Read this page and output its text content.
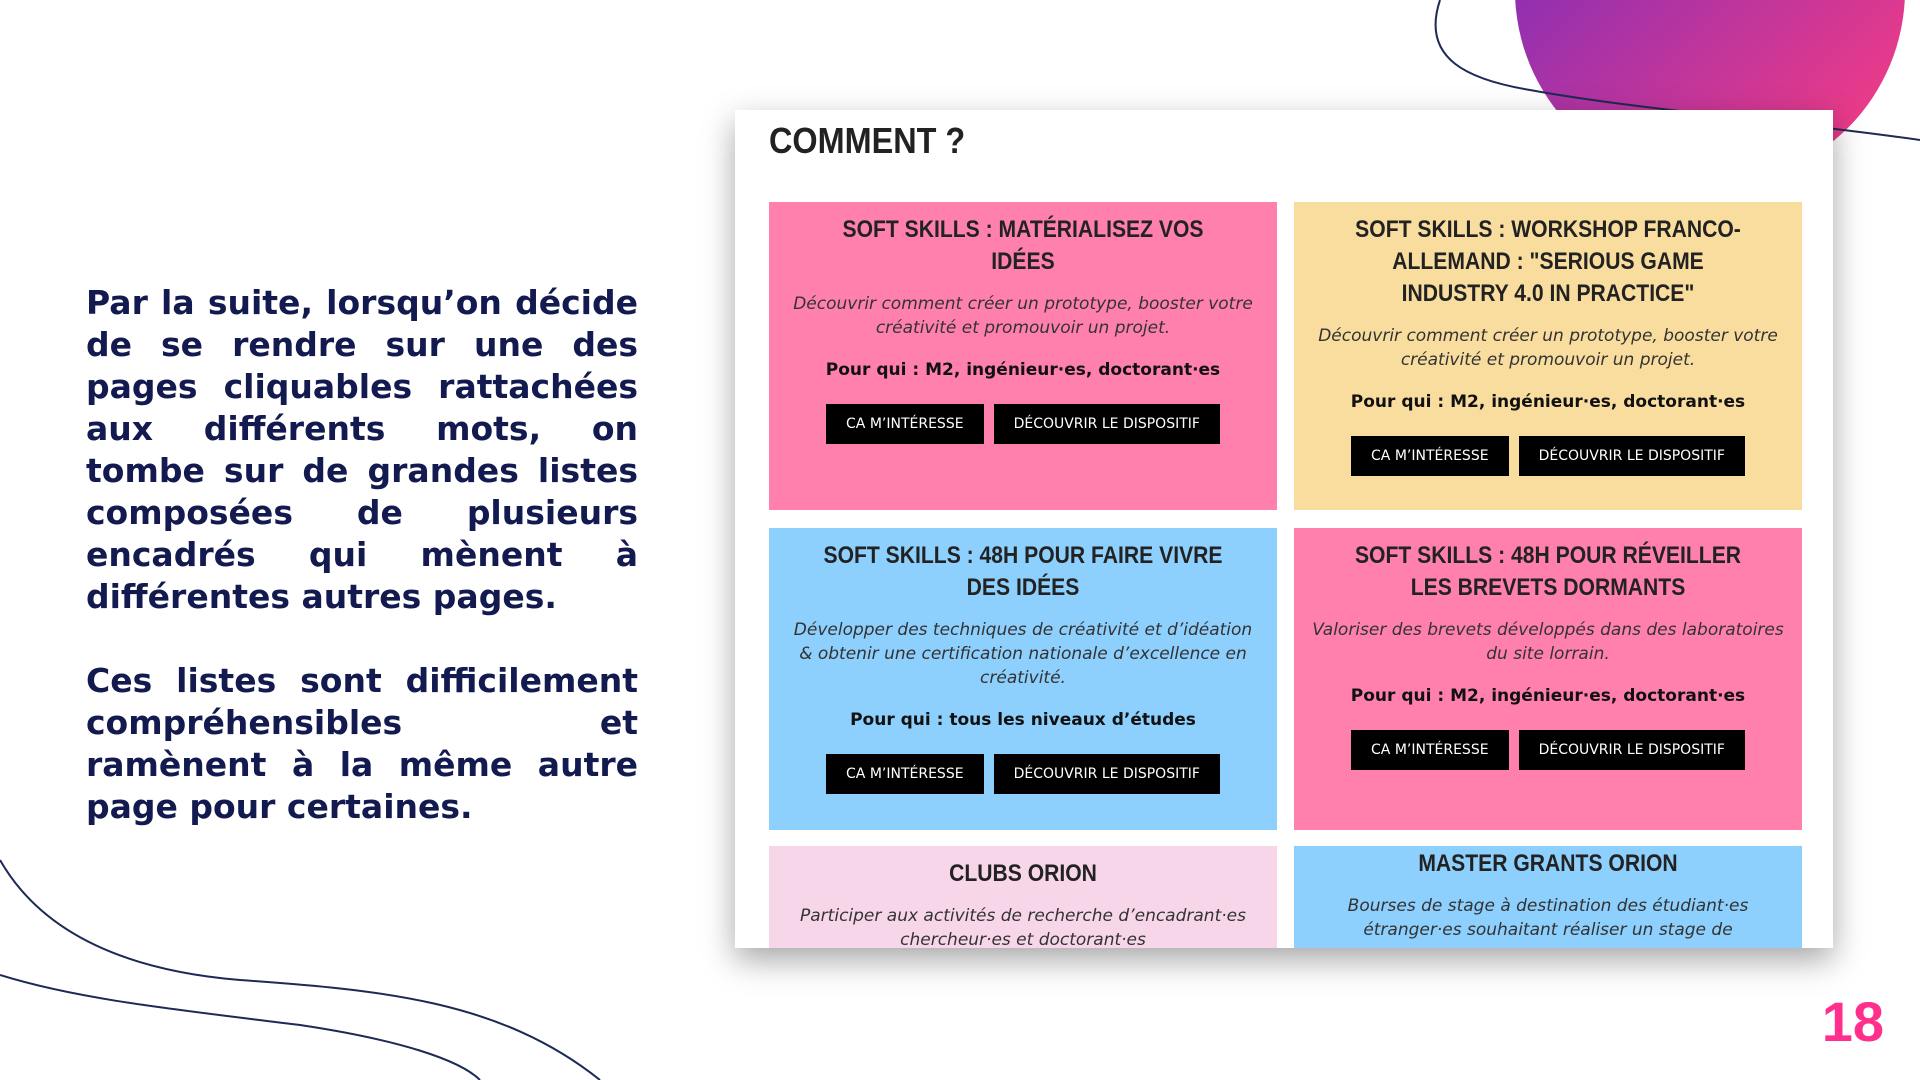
Par la suite, lorsqu’on décide de se rendre sur une des pages cliquables rattachées aux différents mots, on tombe sur de grandes listes composées de plusieurs encadrés qui mènent à différentes autres pages.

Ces listes sont difficilement compréhensibles et ramènent à la même autre page pour certaines.

18
COMMENT ?

SOFT SKILLS : MATÉRIALISEZ VOS IDÉES

Découvrir comment créer un prototype, booster votre créativité et promouvoir un projet.

Pour qui : M2, ingénieur·es, doctorant·es

CA M’INTÉRESSE	DÉCOUVRIR LE DISPOSITIF

SOFT SKILLS : WORKSHOP FRANCO-ALLEMAND : "SERIOUS GAME INDUSTRY 4.0 IN PRACTICE"

Découvrir comment créer un prototype, booster votre créativité et promouvoir un projet.

Pour qui : M2, ingénieur·es, doctorant·es

CA M’INTÉRESSE	DÉCOUVRIR LE DISPOSITIF

SOFT SKILLS : 48H POUR FAIRE VIVRE DES IDÉES

Développer des techniques de créativité et d’idéation & obtenir une certification nationale d’excellence en créativité.

Pour qui : tous les niveaux d’études

CA M’INTÉRESSE	DÉCOUVRIR LE DISPOSITIF

SOFT SKILLS : 48H POUR RÉVEILLER LES BREVETS DORMANTS

Valoriser des brevets développés dans des laboratoires du site lorrain.

Pour qui : M2, ingénieur·es, doctorant·es

CA M’INTÉRESSE	DÉCOUVRIR LE DISPOSITIF

CLUBS ORION

Participer aux activités de recherche d’encadrant·es chercheur·es et doctorant·es

MASTER GRANTS ORION

Bourses de stage à destination des étudiant·es étranger·es souhaitant réaliser un stage de
